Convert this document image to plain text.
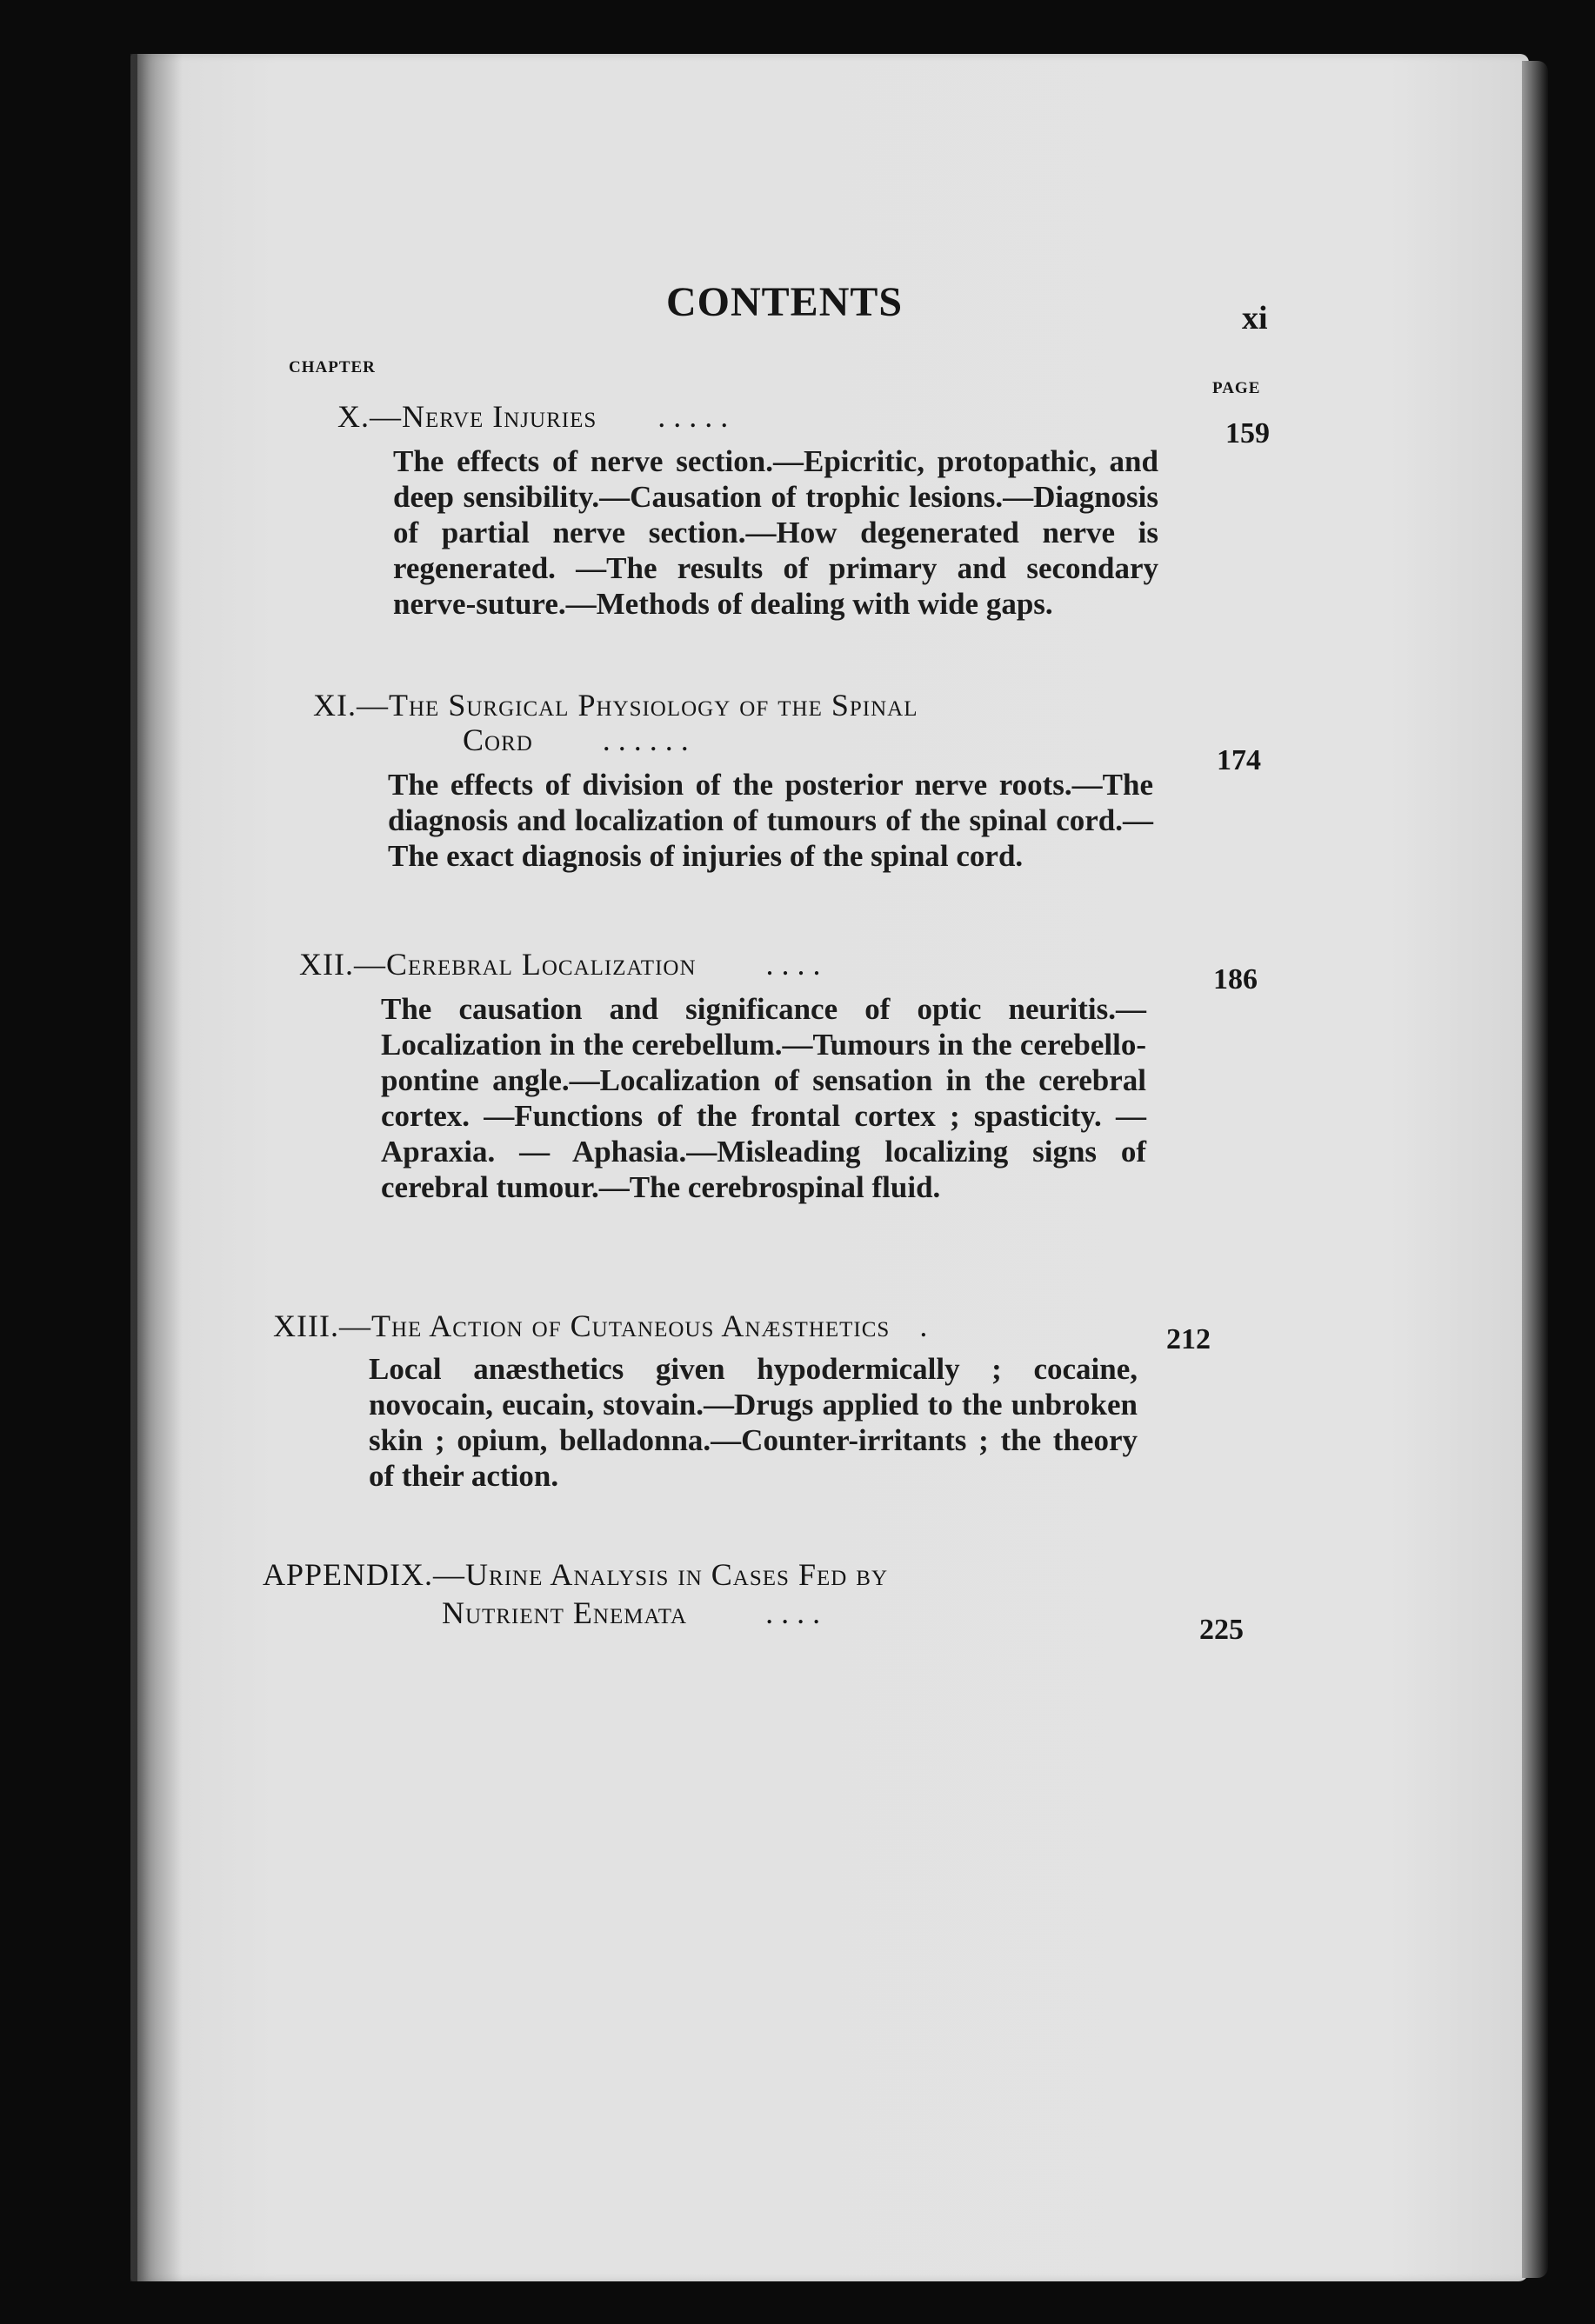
CONTENTS	xi
CHAPTER
PAGE
X.—Nerve Injuries . . . . .	159

The effects of nerve section.—Epicritic, protopathic, and deep sensibility.—Causation of trophic lesions.—Diagnosis of partial nerve section.—How degenerated nerve is regenerated. —The results of primary and secondary nerve-suture.—Methods of dealing with wide gaps.

XI.—The Surgical Physiology of the Spinal
Cord . . . . . .
174

The effects of division of the posterior nerve roots.—The diagnosis and localization of tumours of the spinal cord.—The exact diagnosis of injuries of the spinal cord.

XII.—Cerebral Localization . . . .	186

The causation and significance of optic neuritis.—Localization in the cerebellum.—Tumours in the cerebello-pontine angle.—Localization of sensation in the cerebral cortex. —Functions of the frontal cortex ; spasticity. —Apraxia. — Aphasia.—Misleading localizing signs of cerebral tumour.—The cerebrospinal fluid.

XIII.—The Action of Cutaneous Anæsthetics .	212

Local anæsthetics given hypodermically ; cocaine, novocain, eucain, stovain.—Drugs applied to the unbroken skin ; opium, belladonna.—Counter-irritants ; the theory of their action.

APPENDIX.—Urine Analysis in Cases Fed by
Nutrient Enemata	. . . .	225
